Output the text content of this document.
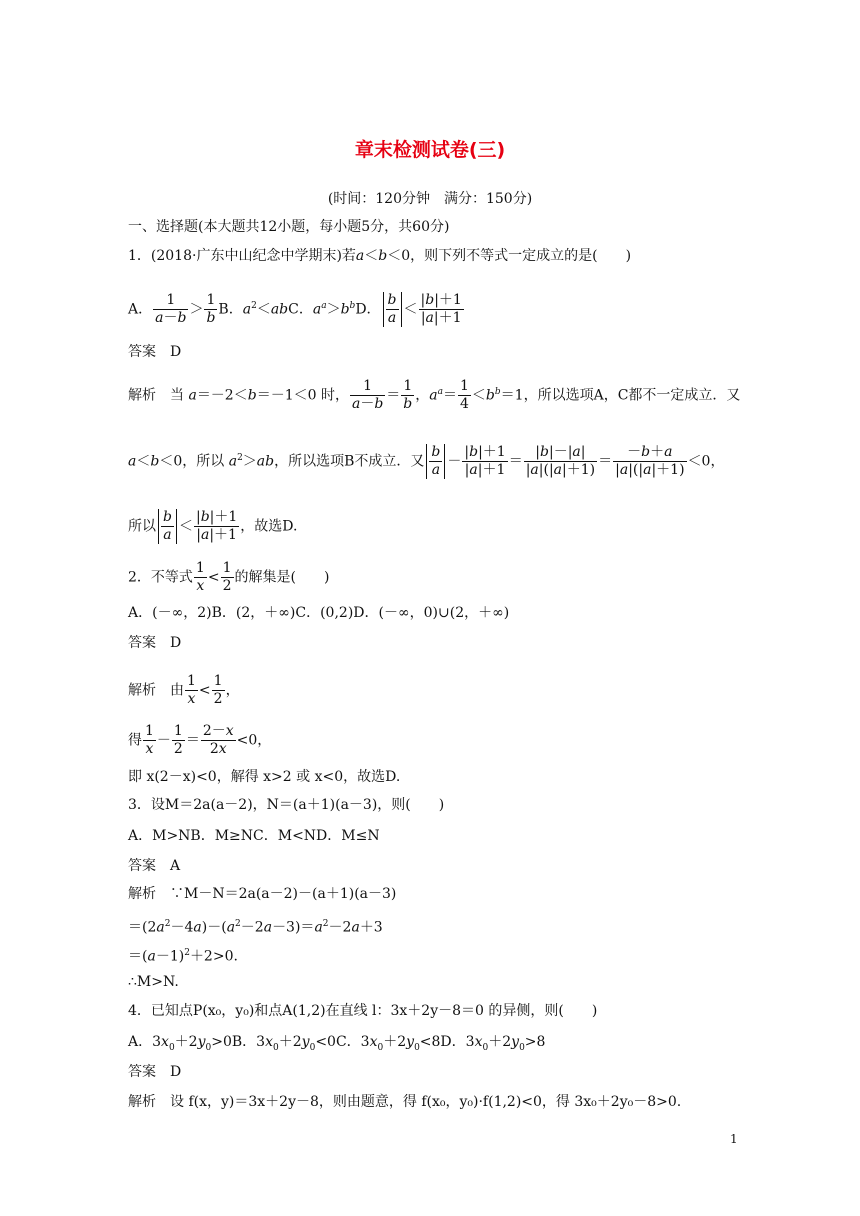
章末检测试卷(三)
(时间：120分钟　满分：150分)
一、选择题(本大题共12小题，每小题5分，共60分)
1．(2018·广东中山纪念中学期末)若a＜b＜0，则下列不等式一定成立的是(　　)
A． $\frac{1}{a-b} > \frac{1}{b}$ B．$a^2<abC$．$a^a>b^bD$． $\frac{b}{a} < \frac{|b|+1}{|a|+1}$
答案　 D
解析　 当 a＝－2＜b＝－1＜0 时， $\frac{1}{a-b} = \frac{1}{b}$ ，$a^a= \frac{1}{4} <b^b=1$，所以选项A，C都不一定成立．又
a＜b＜0，所以 $a^2>ab$，所以选项B不成立．又 $\frac{b}{a} - \frac{|b|+1}{|a|+1} = \frac{|b|-|a|}{|a|(|a|+1)} = \frac{-b+a}{|a|(|a|+1)} <0$，
所以 $\frac{b}{a} < \frac{|b|+1}{|a|+1}$ ，故选D.
2．不等式 $\frac{1}{x} < \frac{1}{2}$ 的解集是(　　)
A．(－∞，2)B．(2，＋∞)C．(0,2)D．(－∞，0)∪(2，＋∞)
答案　 D
解析　 由 $\frac{1}{x} < \frac{1}{2}$ ，
得 $\frac{1}{x} - \frac{1}{2} = \frac{2-x}{2x} <0$，
即 x(2－x)<0，解得 x>2 或 x<0，故选D.
3．设M＝2a(a－2)，N＝(a＋1)(a－3)，则(　　)
A．M>NB．M≥NC．M<ND．M≤N
答案　 A
解析　 ∵M－N＝2a(a－2)－(a＋1)(a－3)
$=(2a^2-4a)-(a^2-2a-3)=a^2-2a+3$
$=(a-1)^2+2>0$.
∴M>N.
4．已知点P(x₀，y₀)和点A(1,2)在直线 l：3x＋2y－8＝0 的异侧，则(　　)
A．$3x_0+2y_0>0B$．$3x_0+2y_0<0C$．$3x_0+2y_0<8D$．$3x_0+2y_0>8$
答案　 D
解析　 设 f(x，y)＝3x＋2y－8，则由题意，得 f(x₀，y₀)·f(1,2)<0，得 3x₀＋2y₀－8>0.
1
